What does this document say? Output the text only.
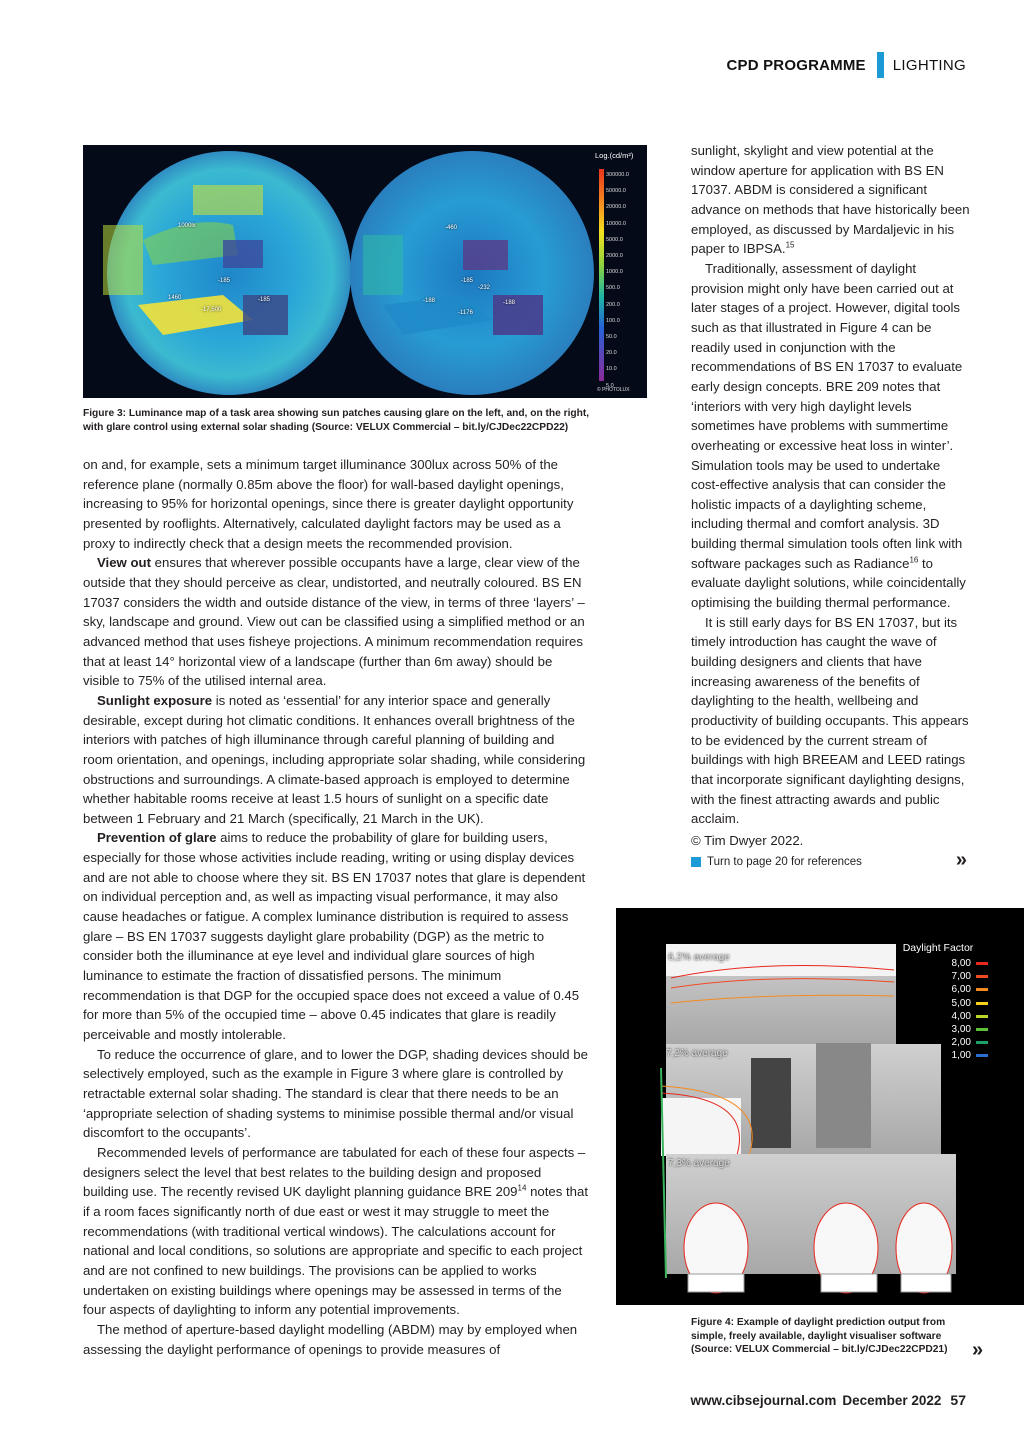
CPD PROGRAMME LIGHTING
Log.(cd/m²)
300000.0
50000.0
20000.0
10000.0
5000.0
2000.0
1000.0
500.0
200.0
100.0
50.0
20.0
10.0
5.0
© PHOTOLUX
1000lx
-185
1460	-185
-17,500
-460
-185
-232
-188	-188
-1176
Figure 3: Luminance map of a task area showing sun patches causing glare on the left, and, on the right, with glare control using external solar shading (Source: VELUX Commercial – bit.ly/CJDec22CPD22)

on and, for example, sets a minimum target illuminance 300lux across 50% of the reference plane (normally 0.85m above the floor) for wall-based daylight openings, increasing to 95% for horizontal openings, since there is greater daylight opportunity presented by rooflights. Alternatively, calculated daylight factors may be used as a proxy to indirectly check that a design meets the recommended provision.

View out ensures that wherever possible occupants have a large, clear view of the outside that they should perceive as clear, undistorted, and neutrally coloured. BS EN 17037 considers the width and outside distance of the view, in terms of three ‘layers’ – sky, landscape and ground. View out can be classified using a simplified method or an advanced method that uses fisheye projections. A minimum recommendation requires that at least 14° horizontal view of a landscape (further than 6m away) should be visible to 75% of the utilised internal area.

Sunlight exposure is noted as ‘essential’ for any interior space and generally desirable, except during hot climatic conditions. It enhances overall brightness of the interiors with patches of high illuminance through careful planning of building and room orientation, and openings, including appropriate solar shading, while considering obstructions and surroundings. A climate-based approach is employed to determine whether habitable rooms receive at least 1.5 hours of sunlight on a specific date between 1 February and 21 March (specifically, 21 March in the UK).

Prevention of glare aims to reduce the probability of glare for building users, especially for those whose activities include reading, writing or using display devices and are not able to choose where they sit. BS EN 17037 notes that glare is dependent on individual perception and, as well as impacting visual performance, it may also cause headaches or fatigue. A complex luminance distribution is required to assess glare – BS EN 17037 suggests daylight glare probability (DGP) as the metric to consider both the illuminance at eye level and individual glare sources of high luminance to estimate the fraction of dissatisfied persons. The minimum recommendation is that DGP for the occupied space does not exceed a value of 0.45 for more than 5% of the occupied time – above 0.45 indicates that glare is readily perceivable and mostly intolerable.

To reduce the occurrence of glare, and to lower the DGP, shading devices should be selectively employed, such as the example in Figure 3 where glare is controlled by retractable external solar shading. The standard is clear that there needs to be an ‘appropriate selection of shading systems to minimise possible thermal and/or visual discomfort to the occupants’.

Recommended levels of performance are tabulated for each of these four aspects – designers select the level that best relates to the building design and proposed building use. The recently revised UK daylight planning guidance BRE $209^{14}$ notes that if a room faces significantly north of due east or west it may struggle to meet the recommendations (with traditional vertical windows). The calculations account for national and local conditions, so solutions are appropriate and specific to each project and are not confined to new buildings. The provisions can be applied to works undertaken on existing buildings where openings may be assessed in terms of the four aspects of daylighting to inform any potential improvements.

The method of aperture-based daylight modelling (ABDM) may by employed when assessing the daylight performance of openings to provide measures of

sunlight, skylight and view potential at the window aperture for application with BS EN 17037. ABDM is considered a significant advance on methods that have historically been employed, as discussed by Mardaljevic in his paper to IBPSA.$^{15}$

Traditionally, assessment of daylight provision might only have been carried out at later stages of a project. However, digital tools such as that illustrated in Figure 4 can be readily used in conjunction with the recommendations of BS EN 17037 to evaluate early design concepts. BRE 209 notes that ‘interiors with very high daylight levels sometimes have problems with summertime overheating or excessive heat loss in winter’. Simulation tools may be used to undertake cost-effective analysis that can consider the holistic impacts of a daylighting scheme, including thermal and comfort analysis. 3D building thermal simulation tools often link with software packages such as Radiance$^{16}$ to evaluate daylight solutions, while coincidentally optimising the building thermal performance.

It is still early days for BS EN 17037, but its timely introduction has caught the wave of building designers and clients that have increasing awareness of the benefits of daylighting to the health, wellbeing and productivity of building occupants. This appears to be evidenced by the current stream of buildings with high BREEAM and LEED ratings that incorporate significant daylighting designs, with the finest attracting awards and public acclaim.

© Tim Dwyer 2022.

Turn to page 20 for references	»
6,2% average
7,2% average
7,3% average
Daylight Factor
8,00
7,00
6,00
5,00
4,00
3,00
2,00
1,00
Figure 4: Example of daylight prediction output from simple, freely available, daylight visualiser software (Source: VELUX Commercial – bit.ly/CJDec22CPD21)	»
www.cibsejournal.com December 2022 57
